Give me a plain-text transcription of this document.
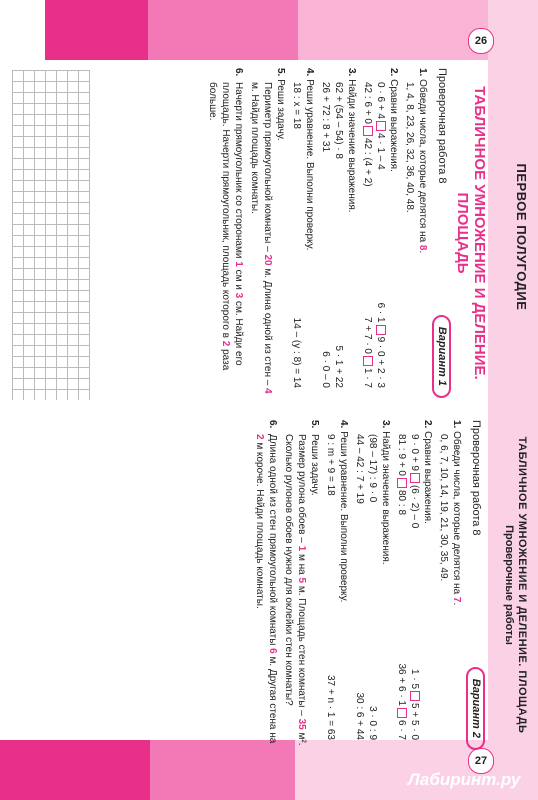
26
27
ПЕРВОЕ ПОЛУГОДИЕ
ТАБЛИЧНОЕ УМНОЖЕНИЕ И ДЕЛЕНИЕ.
ПЛОЩАДЬ
Проверочная работа 8
Вариант 1
1. Обведи числа, которые делятся на 8.
1, 4, 8, 23, 26, 32, 36, 40, 48.
2. Сравни выражения.
0 · 6 + 44 · 1 – 4
6 · 19 · 0 + 2 · 3
42 : 6 + 042 : (4 + 2)
7 + 7 · 01 · 7
3. Найди значение выражения.
62 + (54 – 54) · 8
5 · 1 + 22
26 + 72 : 8 + 31
6 · 0 – 0
4. Реши уравнение. Выполни проверку.
18 : x = 18
14 – (y : 8) = 14
5. Реши задачу.
Периметр прямоугольной комнаты – 20 м. Длина одной из стен – 4 м. Найди площадь комнаты.
6.
Начерти прямоугольник со сторонами 1 см и 3 см. Найди его площадь. Начерти прямоугольник, площадь которого в 2 раза больше.
ТАБЛИЧНОЕ УМНОЖЕНИЕ И ДЕЛЕНИЕ. ПЛОЩАДЬ
Проверочные работы
Проверочная работа 8
Вариант 2
1. Обведи числа, которые делятся на 7.
0, 6, 7, 10, 14, 19, 21, 30, 35, 49.
2. Сравни выражения.
9 · 0 + 9(6 · 2) – 0
1 · 55 + 5 · 0
81 : 9 + 080 : 8
36 + 6 · 16 · 7
3. Найди значение выражения.
(98 – 17) : 9 · 0
3 · 0 : 9
44 – 42 : 7 + 19
30 : 6 + 44
4. Реши уравнение. Выполни проверку.
9 : m + 9 = 18
37 + n · 1 = 63
5.
Реши задачу.
Размер рулона обоев – 1 м на 5 м. Площадь стен комнаты – 35 м². Сколько рулонов обоев нужно для оклейки стен комнаты?
6.
Длина одной из стен прямоугольной комнаты 6 м. Другая стена на 2 м короче. Найди площадь комнаты.
Лабиринт.ру
